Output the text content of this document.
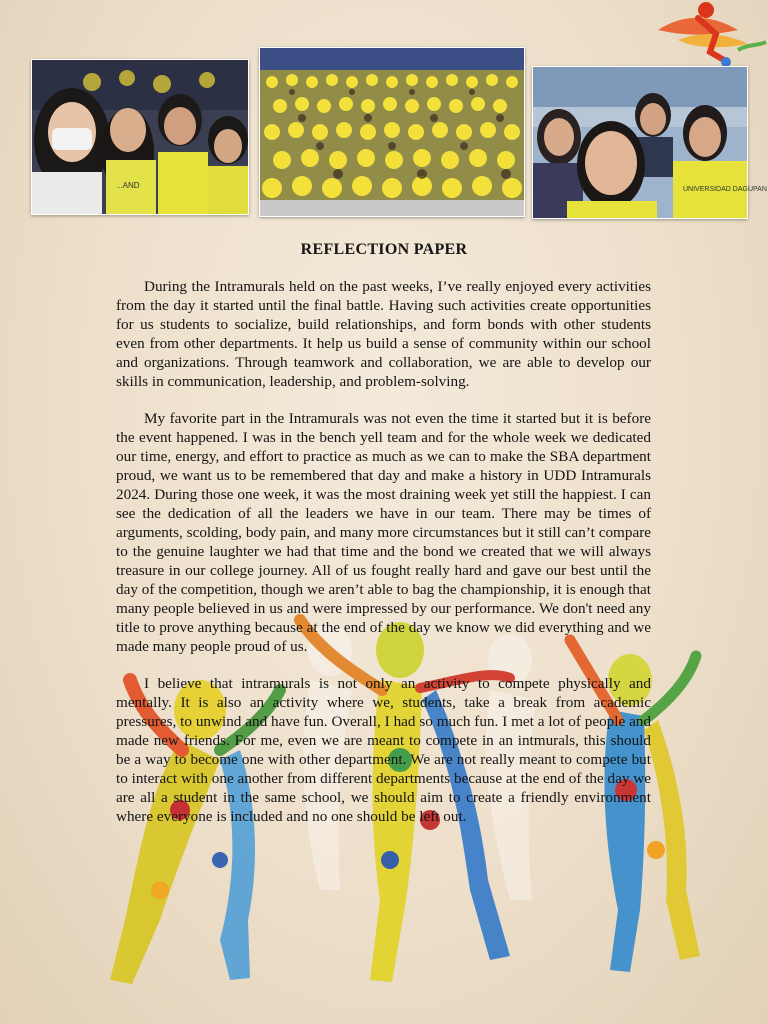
...AND	UNIVERSIDAD DAGUPAN
REFLECTION PAPER

During the Intramurals held on the past weeks, I’ve really enjoyed every activities from the day it started until the final battle. Having such activities create opportunities for us students to socialize, build relationships, and form bonds with other students even from other departments. It help us build a sense of community within our school and organizations. Through teamwork and collaboration, we are able to develop our skills in communication, leadership, and problem-solving.

My favorite part in the Intramurals was not even the time it started but it is before the event happened. I was in the bench yell team and for the whole week we dedicated our time, energy, and effort to practice as much as we can to make the SBA department proud, we want us to be remembered that day and make a history in UDD Intramurals 2024. During those one week, it was the most draining week yet still the happiest. I can see the dedication of all the leaders we have in our team. There may be times of arguments, scolding, body pain, and many more circumstances but it still can’t compare to the genuine laughter we had that time and the bond we created that we will always treasure in our college journey. All of us fought really hard and gave our best until the day of the competition, though we aren’t able to bag the championship, it is enough that many people believed in us and were impressed by our performance. We don't need any title to prove anything because at the end of the day we know we did everything and we made many people proud of us.

I believe that intramurals is not only an activity to compete physically and mentally. It is also an activity where we, students, take a break from academic pressures, to unwind and have fun. Overall, I had so much fun. I met a lot of people and made new friends. For me, even we are meant to compete in an intmurals, this should be a way to become one with other department. We are not really meant to compete but to interact with one another from different departments because at the end of the day we are all a student in the same school, we should aim to create a friendly environment where everyone is included and no one should be left out.
